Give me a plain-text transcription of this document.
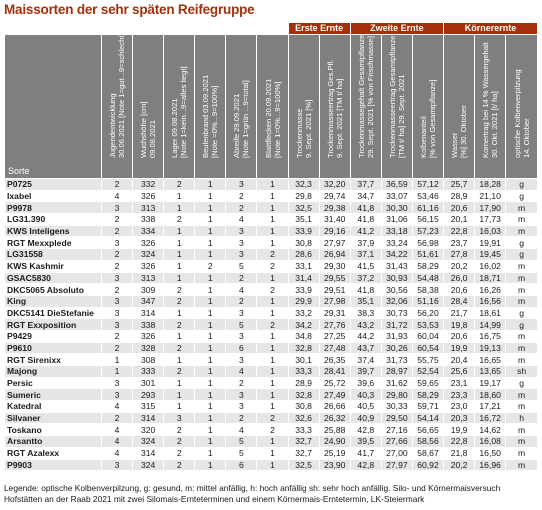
Maissorten der sehr späten Reifegruppe
							Erste Ernte		Zweite Ernte			Körnerernte		
Sorte	Jugendentwicklung 30.06.2021 [Note 1=gut...9=schlecht]	Wuchshöhe [cm] 09.08.2021	Lager 09.08.2021 [Note 1=kein...9=alles liegt]	Beulenbrand 03.09.2021 [Note =0%...9=100%]	Abreife 29.09.2021 [Note 1=grün ...9=total]	Blattflecken 20.09.2021 [Note 1=0%...9=100%]	Trockenmasse 9. Sept. 2021 [%]	Trockenmasseertrag Ges.Pfl. 9. Sept. 2021 [TM t/ ha]	Trockenmassegehalt Gesamtpflanze 29. Sept. 2021 [% von Frischmasse]	Trockenmasseertrag Gesamtpflanze [TM t/ ha] 29. Sept. 2021	Kolbenanteil [% von Gesamtpflanze]	Wasser [%] 30. Oktober	Kornertrag bei 14 % Wassergehalt 30. Okt. 2021 [t/ ha]	optische Kolbenverpilzung 14. Oktober

P0725	2	332	2	1	3	1	32,3	32,20	37,7	36,59	57,12	25,7	18,28	g
Ixabel	4	326	1	1	2	1	29,8	29,74	34,7	33,07	53,46	28,9	21,10	g
P9978	3	313	1	1	2	1	32,5	29,38	41,8	30,30	61,16	20,6	17,90	m
LG31.390	2	338	2	1	4	1	35,1	31,40	41,8	31,06	56,15	20,1	17,73	m
KWS Inteligens	2	334	1	1	3	1	33,9	29,16	41,2	33,18	57,23	22,8	16,03	m
RGT Mexxplede	3	326	1	1	3	1	30,8	27,97	37,9	33,24	56,98	23,7	19,91	g
LG31558	2	324	1	1	3	2	28,6	26,94	37,1	34,22	51,61	27,8	19,45	g
KWS Kashmir	2	326	1	2	5	2	33,1	29,30	41,5	31,43	58,29	20,2	16,02	m
GSAC5830	3	313	1	1	2	1	31,4	29,55	37,2	30,93	54,48	26,0	18,71	m
DKC5065 Absoluto	2	309	2	1	4	2	33,9	29,51	41,8	30,56	58,38	20,6	16,26	m
King	3	347	2	1	2	1	29,9	27,98	35,1	32,06	51,16	28,4	16,56	m
DKC5141 DieStefanie	3	314	1	1	3	1	33,2	29,31	38,3	30,73	56,20	21,7	18,61	g
RGT Exxposition	3	338	2	1	5	2	34,2	27,76	43,2	31,72	53,53	19,8	14,99	g
P9429	2	326	1	1	3	1	34,8	27,25	44,2	31,93	60,04	20,6	16,75	m
P9610	2	328	2	1	6	1	32,8	27,48	43,7	30,26	60,54	19,9	19,13	m
RGT Sirenixx	1	308	1	1	3	1	30,1	26,35	37,4	31,73	55,75	20,4	16,65	m
Majong	1	333	2	1	4	1	33,3	28,41	39,7	28,97	52,54	25,6	13,65	sh
Persic	3	301	1	1	2	1	28,9	25,72	39,6	31,62	59,65	23,1	19,17	g
Sumeric	3	293	1	1	3	1	32,8	27,49	40,3	29,80	58,29	23,3	18,60	m
Katedral	4	315	1	1	3	1	30,8	26,66	40,5	30,33	59,71	23,0	17,21	m
Silvaner	2	314	3	1	2	2	32,6	26,32	40,9	29,50	54,14	20,3	16,72	h
Toskano	4	320	2	1	4	2	33,3	25,88	42,8	27,16	56,65	19,9	14,62	m
Arsantto	4	324	2	1	5	1	32,7	24,90	39,5	27,66	58,56	22,8	16,08	m
RGT Azalexx	4	314	2	1	5	1	32,7	25,19	41,7	27,00	58,67	21,8	16,50	m
P9903	3	324	2	1	6	1	32,5	23,90	42,8	27,97	60,92	20,2	16,96	m
Legende: optische Kolbenverpilzung, g: gesund, m: mittel anfällig, h: hoch anfällig sh: sehr hoch anfällig. Silo- und Körnermaisversuch
Hofstätten an der Raab 2021 mit zwei Silomais-Ernteterminen und einem Körnermais-Erntetermin, LK-Steiermark
